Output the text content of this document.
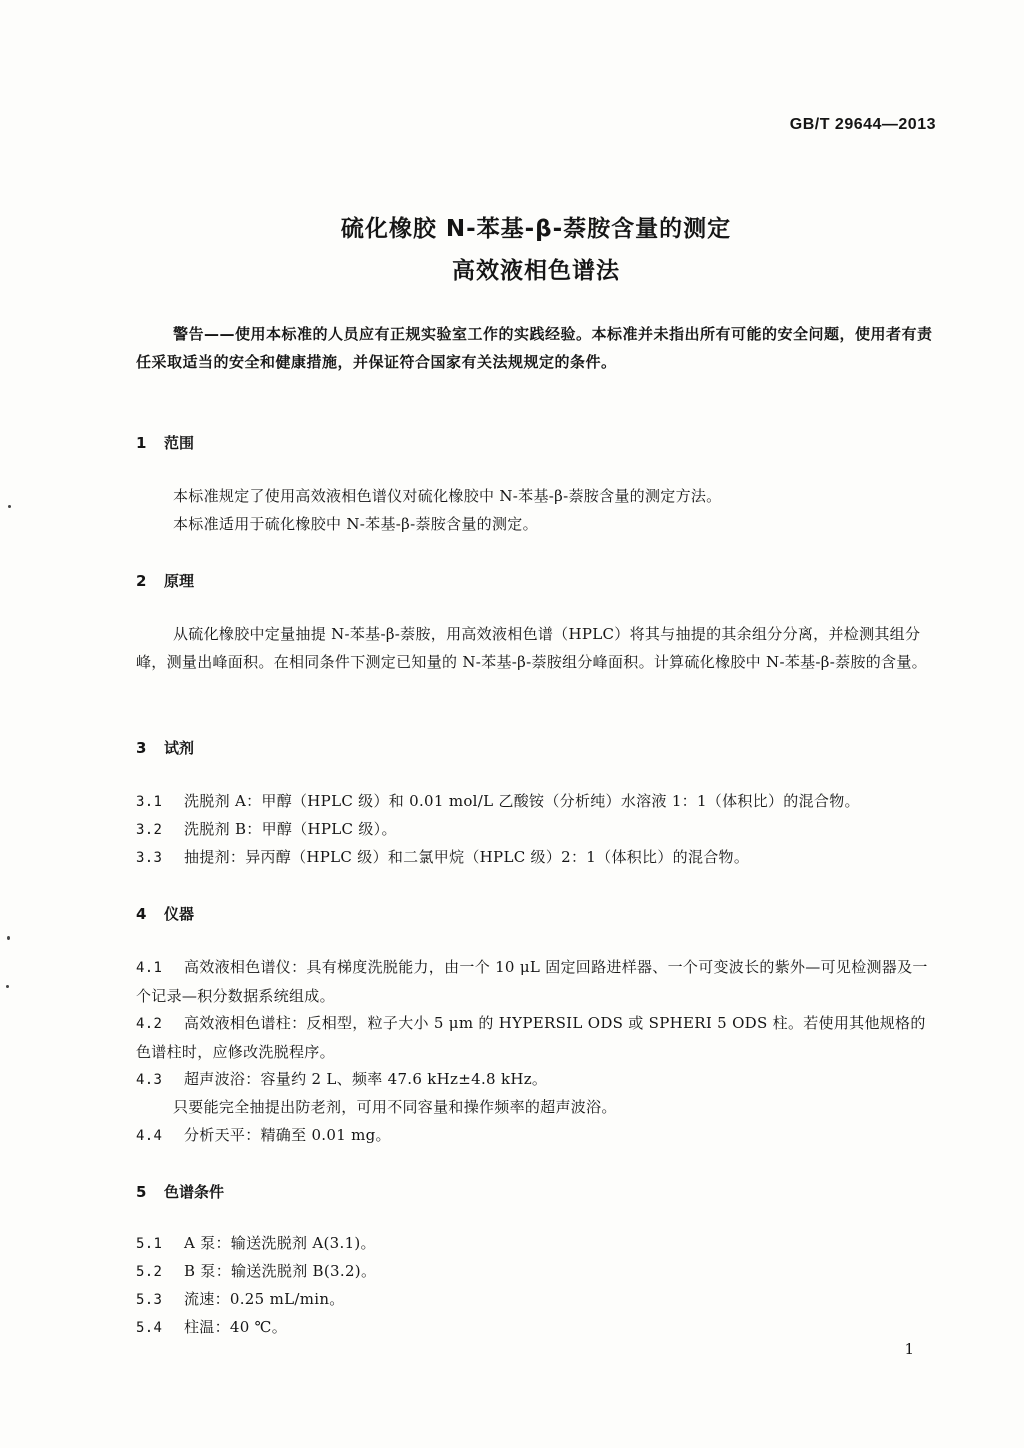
GB/T 29644—2013
硫化橡胶 N-苯基-β-萘胺含量的测定
高效液相色谱法
警告——使用本标准的人员应有正规实验室工作的实践经验。本标准并未指出所有可能的安全问题，使用者有责任采取适当的安全和健康措施，并保证符合国家有关法规规定的条件。
1 范围
本标准规定了使用高效液相色谱仪对硫化橡胶中 N-苯基-β-萘胺含量的测定方法。
本标准适用于硫化橡胶中 N-苯基-β-萘胺含量的测定。
2 原理
从硫化橡胶中定量抽提 N-苯基-β-萘胺，用高效液相色谱（HPLC）将其与抽提的其余组分分离，并检测其组分峰，测量出峰面积。在相同条件下测定已知量的 N-苯基-β-萘胺组分峰面积。计算硫化橡胶中 N-苯基-β-萘胺的含量。
3 试剂
3.1 洗脱剂 A：甲醇（HPLC 级）和 0.01 mol/L 乙酸铵（分析纯）水溶液 1：1（体积比）的混合物。
3.2 洗脱剂 B：甲醇（HPLC 级）。
3.3 抽提剂：异丙醇（HPLC 级）和二氯甲烷（HPLC 级）2：1（体积比）的混合物。
4 仪器
4.1 高效液相色谱仪：具有梯度洗脱能力，由一个 10 μL 固定回路进样器、一个可变波长的紫外—可见检测器及一个记录—积分数据系统组成。
4.2 高效液相色谱柱：反相型，粒子大小 5 μm 的 HYPERSIL ODS 或 SPHERI 5 ODS 柱。若使用其他规格的色谱柱时，应修改洗脱程序。
4.3 超声波浴：容量约 2 L、频率 47.6 kHz±4.8 kHz。
只要能完全抽提出防老剂，可用不同容量和操作频率的超声波浴。
4.4 分析天平：精确至 0.01 mg。
5 色谱条件
5.1 A 泵：输送洗脱剂 A(3.1)。
5.2 B 泵：输送洗脱剂 B(3.2)。
5.3 流速：0.25 mL/min。
5.4 柱温：40 ℃。
1
